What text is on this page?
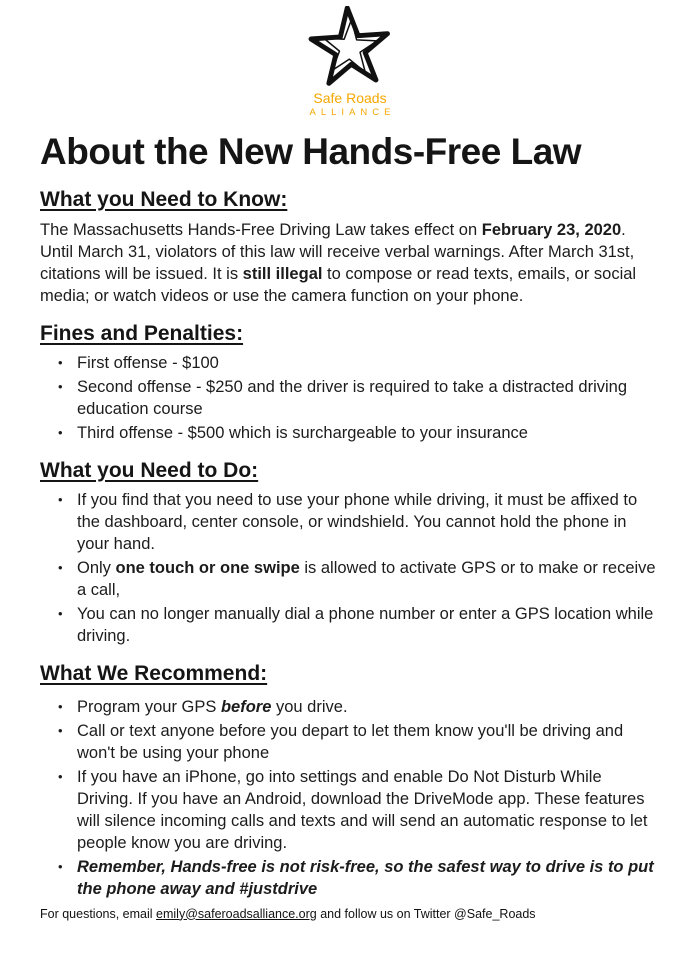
Safe Roads
ALLIANCE
About the New Hands-Free Law
What you Need to Know:

The Massachusetts Hands-Free Driving Law takes effect on February 23, 2020. Until March 31, violators of this law will receive verbal warnings. After March 31st, citations will be issued. It is still illegal to compose or read texts, emails, or social media; or watch videos or use the camera function on your phone.

Fines and Penalties:
• First offense - $100
• Second offense - $250 and the driver is required to take a distracted driving education course
• Third offense - $500 which is surchargeable to your insurance
What you Need to Do:
• If you find that you need to use your phone while driving, it must be affixed to the dashboard, center console, or windshield. You cannot hold the phone in your hand.
• Only one touch or one swipe is allowed to activate GPS or to make or receive a call,
• You can no longer manually dial a phone number or enter a GPS location while driving.
What We Recommend:
• Program your GPS before you drive.
• Call or text anyone before you depart to let them know you'll be driving and won't be using your phone
• If you have an iPhone, go into settings and enable Do Not Disturb While Driving. If you have an Android, download the DriveMode app. These features will silence incoming calls and texts and will send an automatic response to let people know you are driving.
• Remember, Hands-free is not risk-free, so the safest way to drive is to put the phone away and #justdrive
For questions, email emily@saferoadsalliance.org and follow us on Twitter @Safe_Roads
